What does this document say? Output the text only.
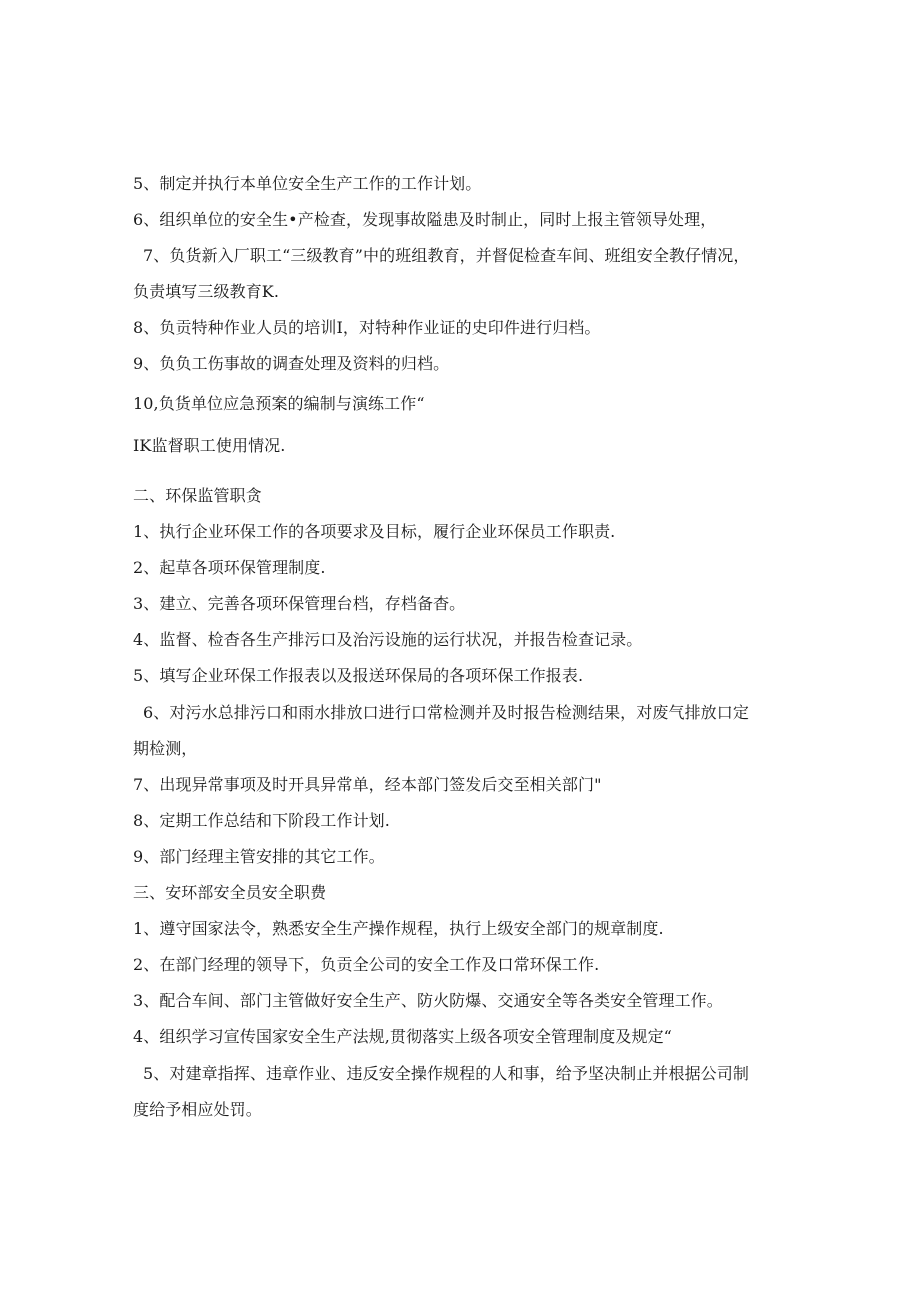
5、制定并执行本单位安全生产工作的工作计划。
6、组织单位的安全生•产检查，发现事故隘患及时制止，同时上报主管领导处理，
7、负货新入厂职工“三级教育”中的班组教育，并督促检查车间、班组安全教仔情况，
负责填写三级教育K.
8、负贡特种作业人员的培训I，对特种作业证的史印件进行归档。
9、负负工伤事故的调查处理及资料的归档。
10,负货单位应急预案的编制与演练工作“
IK监督职工使用情况.
二、环保监管职贪
1、执行企业环保工作的各项要求及目标，履行企业环保员工作职责.
2、起草各项环保管理制度.
3、建立、完善各项环保管理台档，存档备杳。
4、监督、检杳各生产排污口及治污设施的运行状况，并报告检查记录。
5、填写企业环保工作报表以及报送环保局的各项环保工作报表.
6、对污水总排污口和雨水排放口进行口常检测并及时报告检测结果，对废气排放口定
期检测，
7、出现异常事项及时开具异常单，经本部门签发后交至相关部门"
8、定期工作总结和下阶段工作计划.
9、部门经理主管安排的其它工作。
三、安环部安全员安全职费
1、遵守国家法令，熟悉安全生产操作规程，执行上级安全部门的规章制度.
2、在部门经理的领导下，负贡全公司的安全工作及口常环保工作.
3、配合车间、部门主管做好安全生产、防火防爆、交通安全等各类安全管理工作。
4、组织学习宣传国家安全生产法规,贯彻落实上级各项安全管理制度及规定“
5、对建章指挥、违章作业、违反安全操作规程的人和事，给予坚决制止并根据公司制
度给予相应处罚。
